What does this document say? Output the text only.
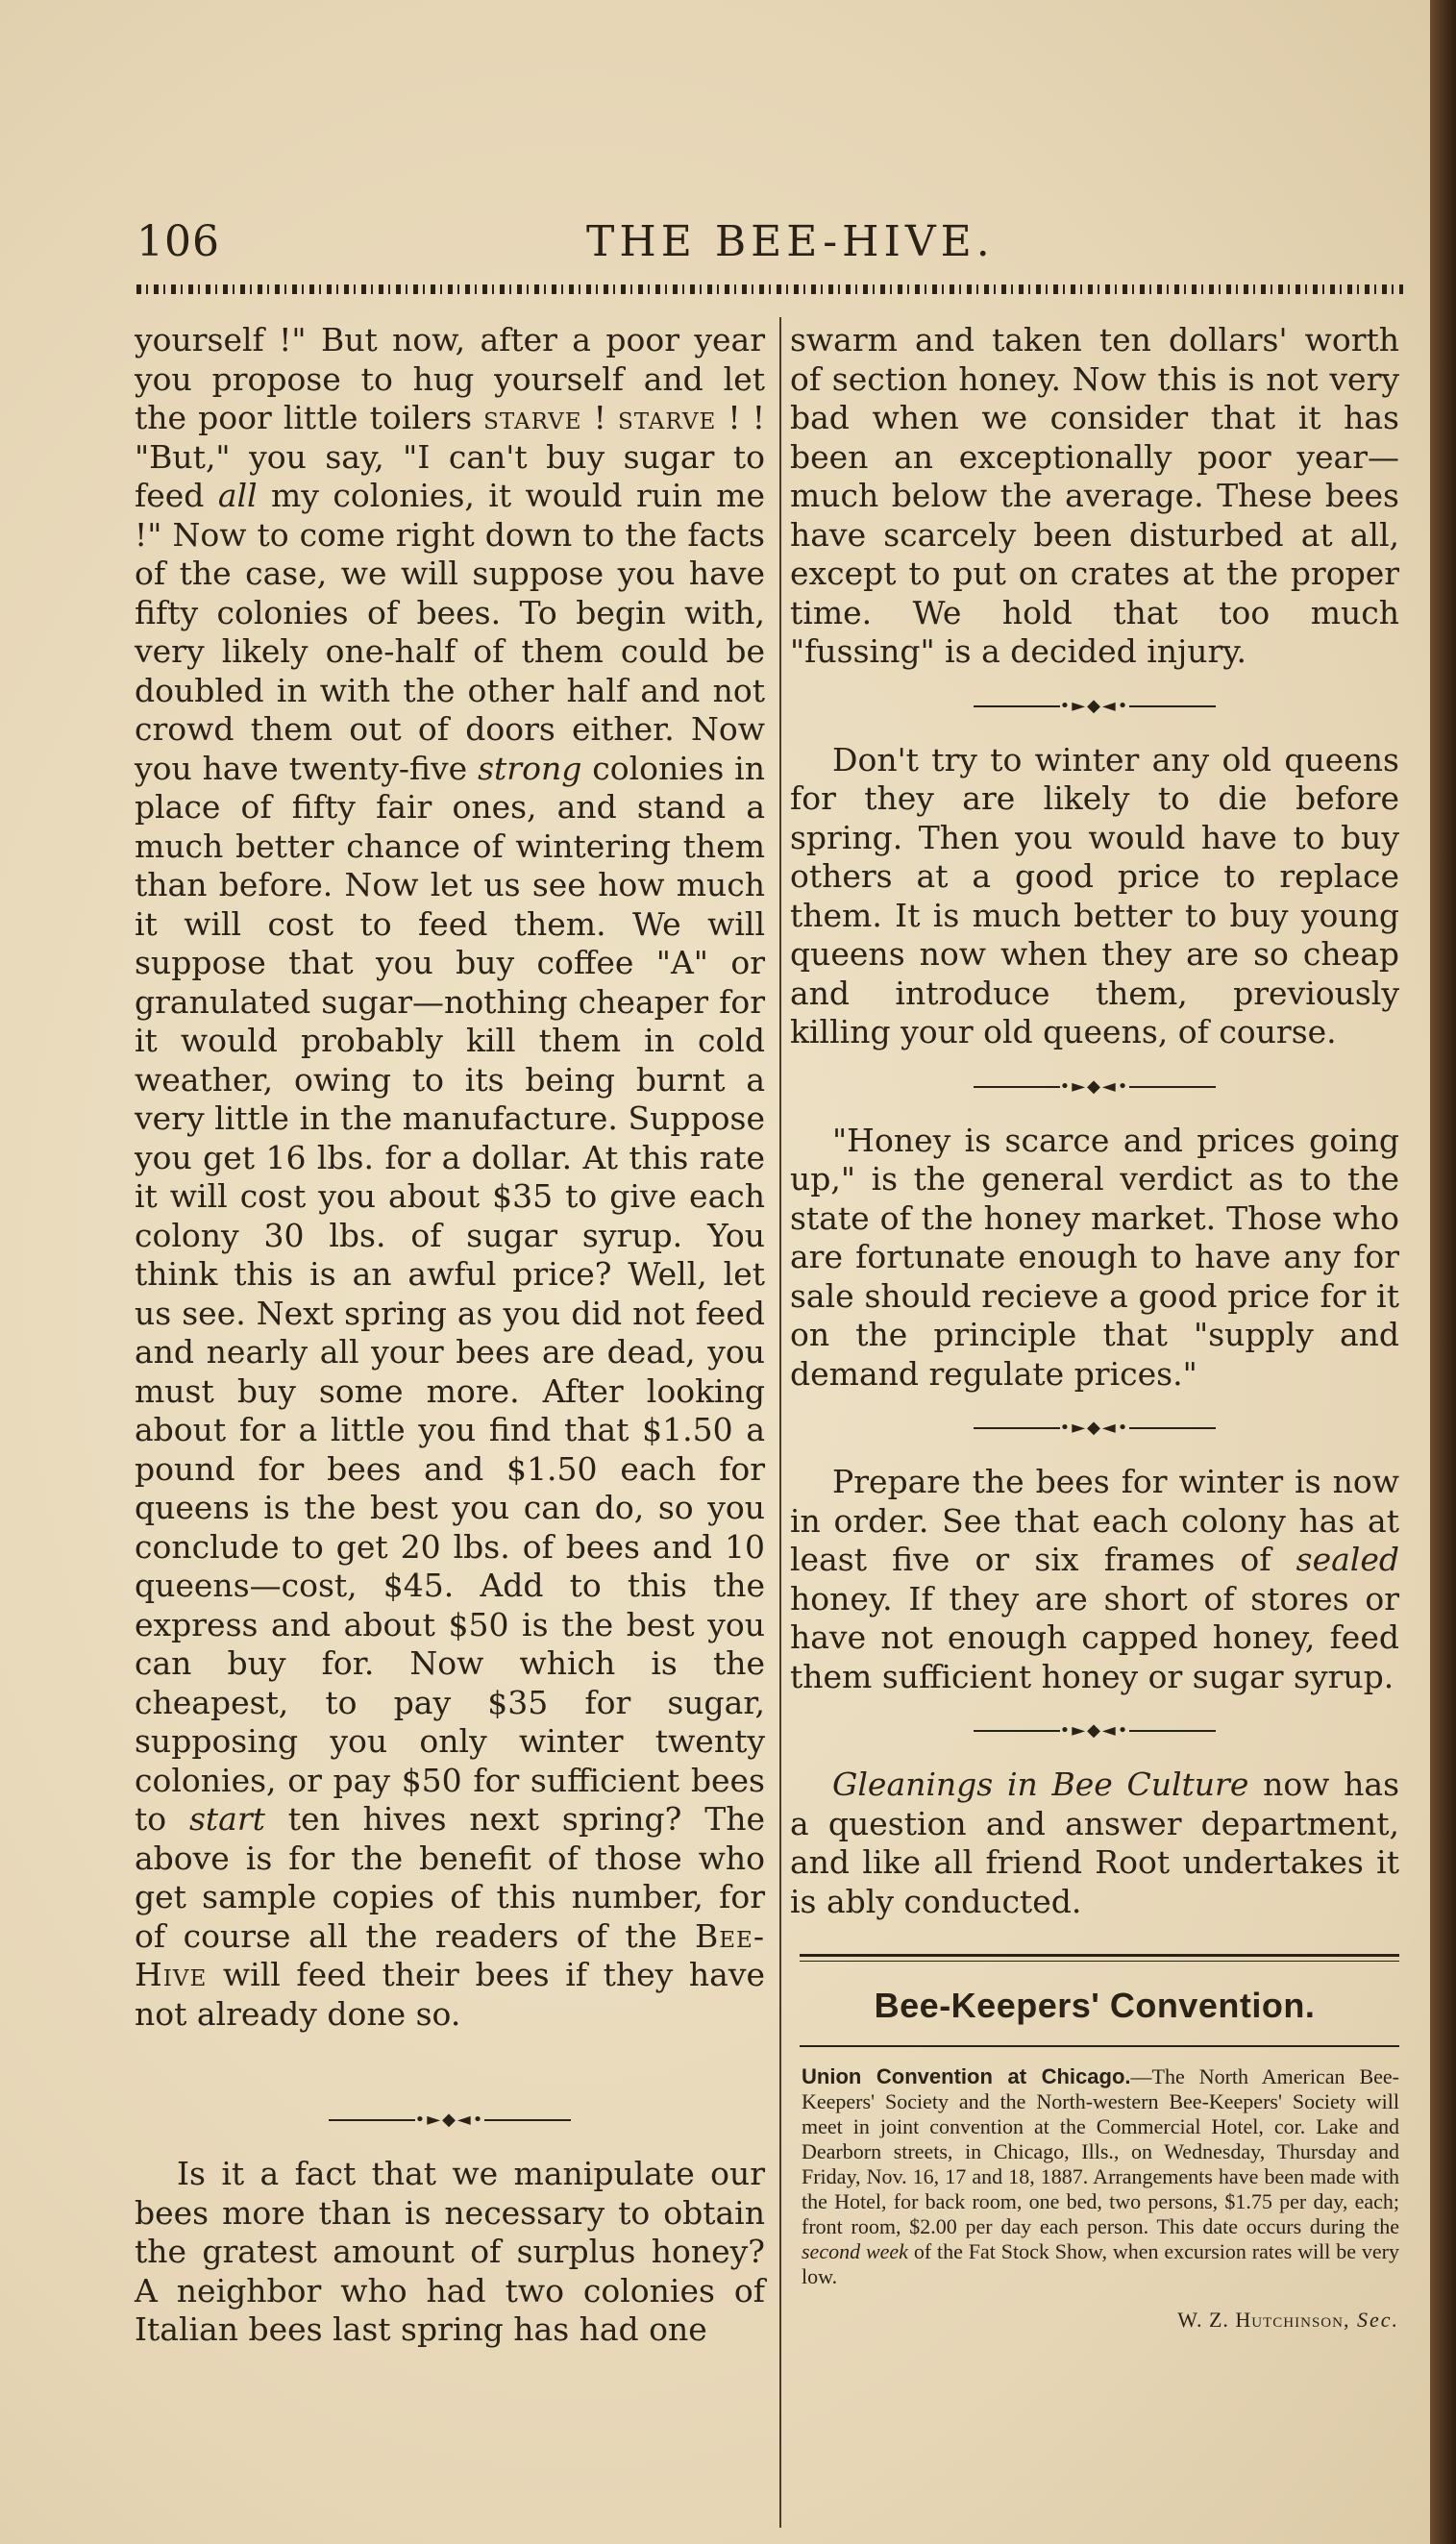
106	THE BEE-HIVE.

yourself !" But now, after a poor year you propose to hug yourself and let the poor little toilers starve ! starve ! ! "But," you say, "I can't buy sugar to feed all my colonies, it would ruin me !" Now to come right down to the facts of the case, we will suppose you have fifty colonies of bees. To begin with, very likely one-half of them could be doubled in with the other half and not crowd them out of doors either. Now you have twenty-five strong colonies in place of fifty fair ones, and stand a much better chance of wintering them than before. Now let us see how much it will cost to feed them. We will suppose that you buy coffee "A" or granulated sugar—nothing cheaper for it would probably kill them in cold weather, owing to its being burnt a very little in the manufacture. Suppose you get 16 lbs. for a dollar. At this rate it will cost you about $35 to give each colony 30 lbs. of sugar syrup. You think this is an awful price? Well, let us see. Next spring as you did not feed and nearly all your bees are dead, you must buy some more. After looking about for a little you find that $1.50 a pound for bees and $1.50 each for queens is the best you can do, so you conclude to get 20 lbs. of bees and 10 queens—cost, $45. Add to this the express and about $50 is the best you can buy for. Now which is the cheapest, to pay $35 for sugar, supposing you only winter twenty colonies, or pay $50 for sufficient bees to start ten hives next spring? The above is for the benefit of those who get sample copies of this number, for of course all the readers of the Bee-Hive will feed their bees if they have not already done so.

•►◆◄•

Is it a fact that we manipulate our bees more than is necessary to obtain the gratest amount of surplus honey? A neighbor who had two colonies of Italian bees last spring has had one

swarm and taken ten dollars' worth of section honey. Now this is not very bad when we consider that it has been an exceptionally poor year—much below the average. These bees have scarcely been disturbed at all, except to put on crates at the proper time. We hold that too much "fussing" is a decided injury.

•►◆◄•

Don't try to winter any old queens for they are likely to die before spring. Then you would have to buy others at a good price to replace them. It is much better to buy young queens now when they are so cheap and introduce them, previously killing your old queens, of course.

•►◆◄•

"Honey is scarce and prices going up," is the general verdict as to the state of the honey market. Those who are fortunate enough to have any for sale should recieve a good price for it on the principle that "supply and demand regulate prices."

•►◆◄•

Prepare the bees for winter is now in order. See that each colony has at least five or six frames of sealed honey. If they are short of stores or have not enough capped honey, feed them sufficient honey or sugar syrup.

•►◆◄•

Gleanings in Bee Culture now has a question and answer department, and like all friend Root undertakes it is ably conducted.

Bee-Keepers' Convention.
Union Convention at Chicago.—The North American Bee-Keepers' Society and the North-western Bee-Keepers' Society will meet in joint convention at the Commercial Hotel, cor. Lake and Dearborn streets, in Chicago, Ills., on Wednesday, Thursday and Friday, Nov. 16, 17 and 18, 1887. Arrangements have been made with the Hotel, for back room, one bed, two persons, $1.75 per day, each; front room, $2.00 per day each person. This date occurs during the second week of the Fat Stock Show, when excursion rates will be very low.
W. Z. Hutchinson, Sec.
